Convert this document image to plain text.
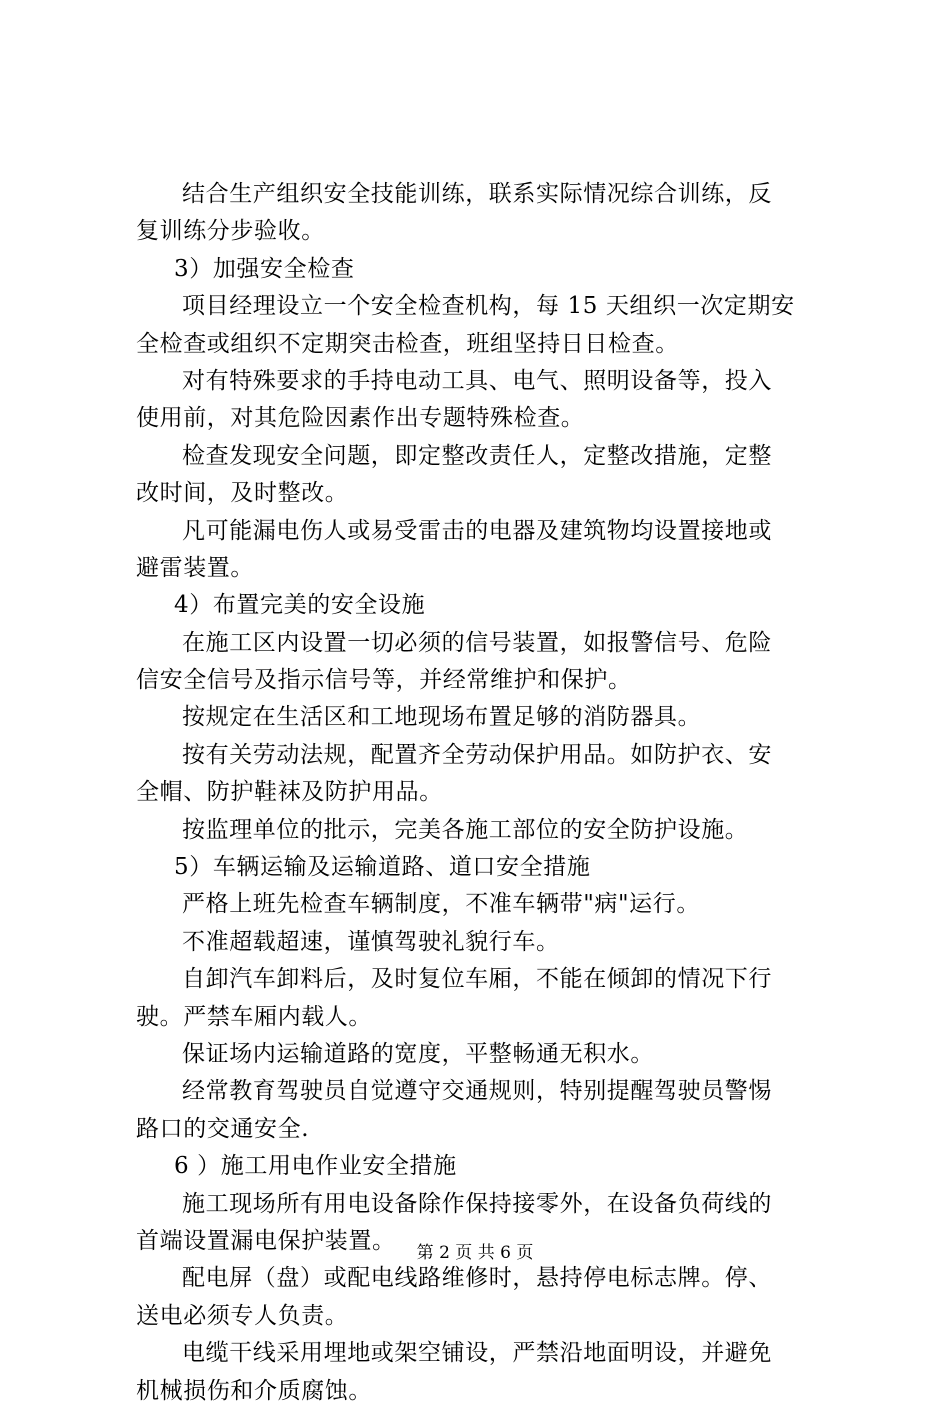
结合生产组织安全技能训练，联系实际情况综合训练，反
复训练分步验收。
3）加强安全检查
项目经理设立一个安全检查机构，每 15 天组织一次定期安
全检查或组织不定期突击检查，班组坚持日日检查。
对有特殊要求的手持电动工具、电气、照明设备等，投入
使用前，对其危险因素作出专题特殊检查。
检查发现安全问题，即定整改责任人，定整改措施，定整
改时间，及时整改。
凡可能漏电伤人或易受雷击的电器及建筑物均设置接地或
避雷装置。
4）布置完美的安全设施
在施工区内设置一切必须的信号装置，如报警信号、危险
信安全信号及指示信号等，并经常维护和保护。
按规定在生活区和工地现场布置足够的消防器具。
按有关劳动法规，配置齐全劳动保护用品。如防护衣、安
全帽、防护鞋袜及防护用品。
按监理单位的批示，完美各施工部位的安全防护设施。
5）车辆运输及运输道路、道口安全措施
严格上班先检查车辆制度，不准车辆带"病"运行。
不准超载超速，谨慎驾驶礼貌行车。
自卸汽车卸料后，及时复位车厢，不能在倾卸的情况下行
驶。严禁车厢内载人。
保证场内运输道路的宽度，平整畅通无积水。
经常教育驾驶员自觉遵守交通规则，特别提醒驾驶员警惕
路口的交通安全.
6 ）施工用电作业安全措施
施工现场所有用电设备除作保持接零外，在设备负荷线的
首端设置漏电保护装置。
配电屏（盘）或配电线路维修时，悬持停电标志牌。停、
送电必须专人负责。
电缆干线采用埋地或架空铺设，严禁沿地面明设，并避免
机械损伤和介质腐蚀。
第 2 页 共 6 页
